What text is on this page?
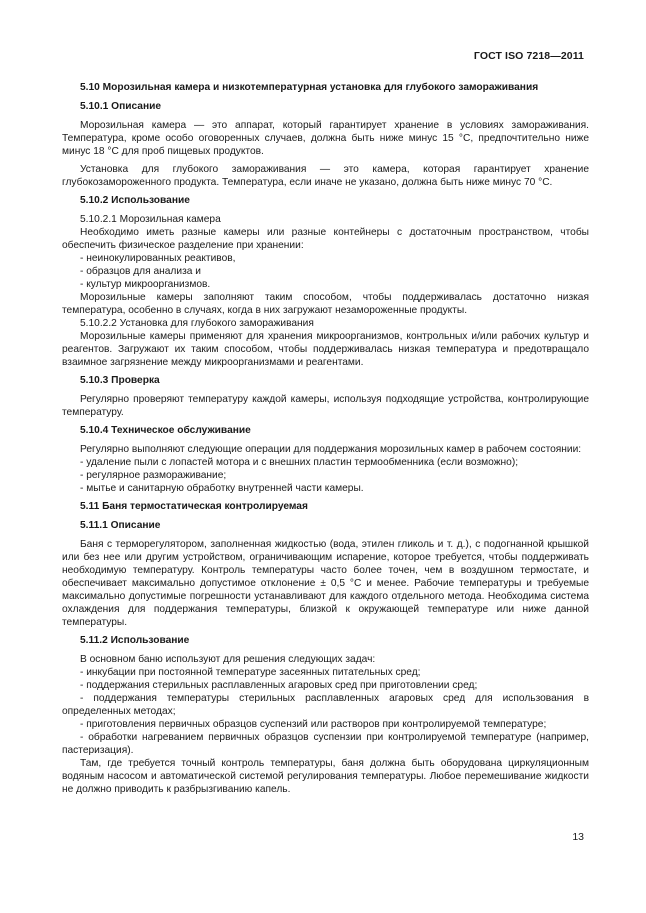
ГОСТ ISO 7218—2011
5.10 Морозильная камера и низкотемпературная установка для глубокого замораживания
5.10.1 Описание

Морозильная камера — это аппарат, который гарантирует хранение в условиях замораживания. Температура, кроме особо оговоренных случаев, должна быть ниже минус 15 °С, предпочтительно ниже минус 18 °С для проб пищевых продуктов.

Установка для глубокого замораживания — это камера, которая гарантирует хранение глубокозамороженного продукта. Температура, если иначе не указано, должна быть ниже минус 70 °С.

5.10.2 Использование
5.10.2.1 Морозильная камера

Необходимо иметь разные камеры или разные контейнеры с достаточным пространством, чтобы обеспечить физическое разделение при хранении:

- неинокулированных реактивов,
- образцов для анализа и
- культур микроорганизмов.

Морозильные камеры заполняют таким способом, чтобы поддерживалась достаточно низкая температура, особенно в случаях, когда в них загружают незамороженные продукты.

5.10.2.2 Установка для глубокого замораживания

Морозильные камеры применяют для хранения микроорганизмов, контрольных и/или рабочих культур и реагентов. Загружают их таким способом, чтобы поддерживалась низкая температура и предотвращало взаимное загрязнение между микроорганизмами и реагентами.

5.10.3 Проверка

Регулярно проверяют температуру каждой камеры, используя подходящие устройства, контролирующие температуру.

5.10.4 Техническое обслуживание

Регулярно выполняют следующие операции для поддержания морозильных камер в рабочем состоянии:

- удаление пыли с лопастей мотора и с внешних пластин термообменника (если возможно);
- регулярное размораживание;
- мытье и санитарную обработку внутренней части камеры.
5.11 Баня термостатическая контролируемая
5.11.1 Описание

Баня с терморегулятором, заполненная жидкостью (вода, этилен гликоль и т. д.), с подогнанной крышкой или без нее или другим устройством, ограничивающим испарение, которое требуется, чтобы поддерживать необходимую температуру. Контроль температуры часто более точен, чем в воздушном термостате, и обеспечивает максимально допустимое отклонение ± 0,5 °С и менее. Рабочие температуры и требуемые максимально допустимые погрешности устанавливают для каждого отдельного метода. Необходима система охлаждения для поддержания температуры, близкой к окружающей температуре или ниже данной температуры.

5.11.2 Использование

В основном баню используют для решения следующих задач:

- инкубации при постоянной температуре засеянных питательных сред;
- поддержания стерильных расплавленных агаровых сред при приготовлении сред;
- поддержания температуры стерильных расплавленных агаровых сред для использования в определенных методах;
- приготовления первичных образцов суспензий или растворов при контролируемой температуре;
- обработки нагреванием первичных образцов суспензии при контролируемой температуре (например, пастеризация).

Там, где требуется точный контроль температуры, баня должна быть оборудована циркуляционным водяным насосом и автоматической системой регулирования температуры. Любое перемешивание жидкости не должно приводить к разбрызгиванию капель.

13
